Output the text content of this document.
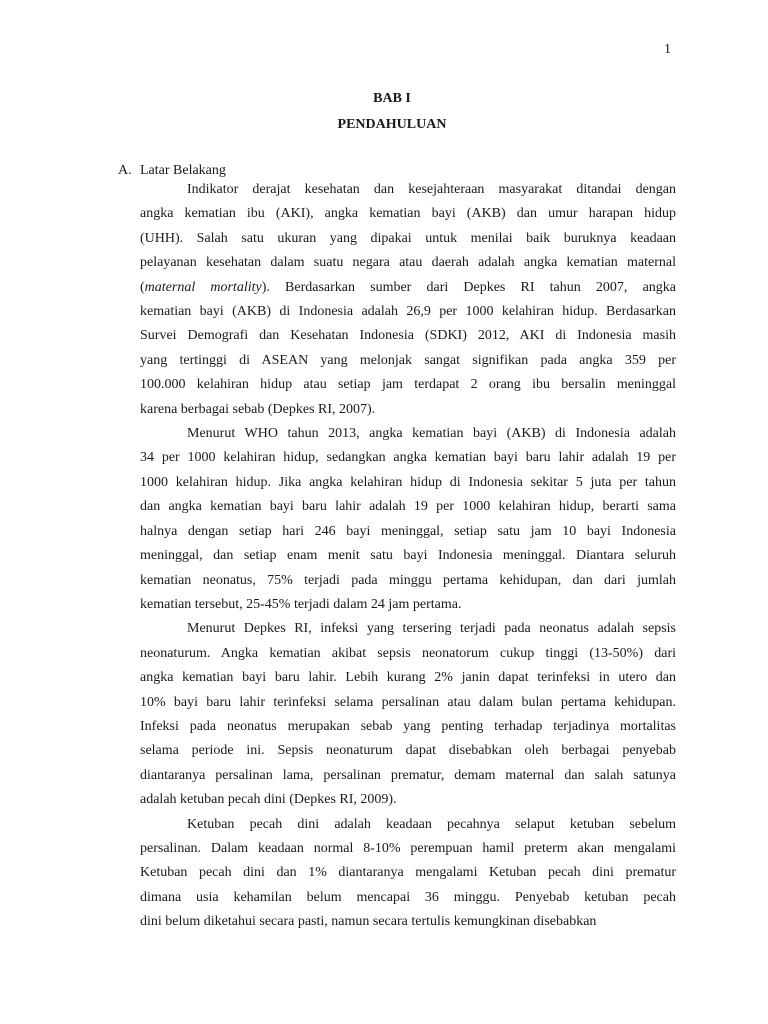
1
BAB I
PENDAHULUAN
A. Latar Belakang
Indikator derajat kesehatan dan kesejahteraan masyarakat ditandai dengan
angka kematian ibu (AKI), angka kematian bayi (AKB) dan umur harapan hidup
(UHH). Salah satu ukuran yang dipakai untuk menilai baik buruknya keadaan
pelayanan kesehatan dalam suatu negara atau daerah adalah angka kematian maternal
(maternal mortality). Berdasarkan sumber dari Depkes RI tahun 2007, angka
kematian bayi (AKB) di Indonesia adalah 26,9 per 1000 kelahiran hidup. Berdasarkan
Survei Demografi dan Kesehatan Indonesia (SDKI) 2012, AKI di Indonesia masih
yang tertinggi di ASEAN yang melonjak sangat signifikan pada angka 359 per
100.000 kelahiran hidup atau setiap jam terdapat 2 orang ibu bersalin meninggal
karena berbagai sebab (Depkes RI, 2007).
Menurut WHO tahun 2013, angka kematian bayi (AKB) di Indonesia adalah
34 per 1000 kelahiran hidup, sedangkan angka kematian bayi baru lahir adalah 19 per
1000 kelahiran hidup. Jika angka kelahiran hidup di Indonesia sekitar 5 juta per tahun
dan angka kematian bayi baru lahir adalah 19 per 1000 kelahiran hidup, berarti sama
halnya dengan setiap hari 246 bayi meninggal, setiap satu jam 10 bayi Indonesia
meninggal, dan setiap enam menit satu bayi Indonesia meninggal. Diantara seluruh
kematian neonatus, 75% terjadi pada minggu pertama kehidupan, dan dari jumlah
kematian tersebut, 25-45% terjadi dalam 24 jam pertama.
Menurut Depkes RI, infeksi yang tersering terjadi pada neonatus adalah sepsis
neonaturum. Angka kematian akibat sepsis neonatorum cukup tinggi (13-50%) dari
angka kematian bayi baru lahir. Lebih kurang 2% janin dapat terinfeksi in utero dan
10% bayi baru lahir terinfeksi selama persalinan atau dalam bulan pertama kehidupan.
Infeksi pada neonatus merupakan sebab yang penting terhadap terjadinya mortalitas
selama periode ini. Sepsis neonaturum dapat disebabkan oleh berbagai penyebab
diantaranya persalinan lama, persalinan prematur, demam maternal dan salah satunya
adalah ketuban pecah dini (Depkes RI, 2009).
Ketuban pecah dini adalah keadaan pecahnya selaput ketuban sebelum
persalinan. Dalam keadaan normal 8-10% perempuan hamil preterm akan mengalami
Ketuban pecah dini dan 1% diantaranya mengalami Ketuban pecah dini prematur
dimana usia kehamilan belum mencapai 36 minggu. Penyebab ketuban pecah
dini belum diketahui secara pasti, namun secara tertulis kemungkinan disebabkan
